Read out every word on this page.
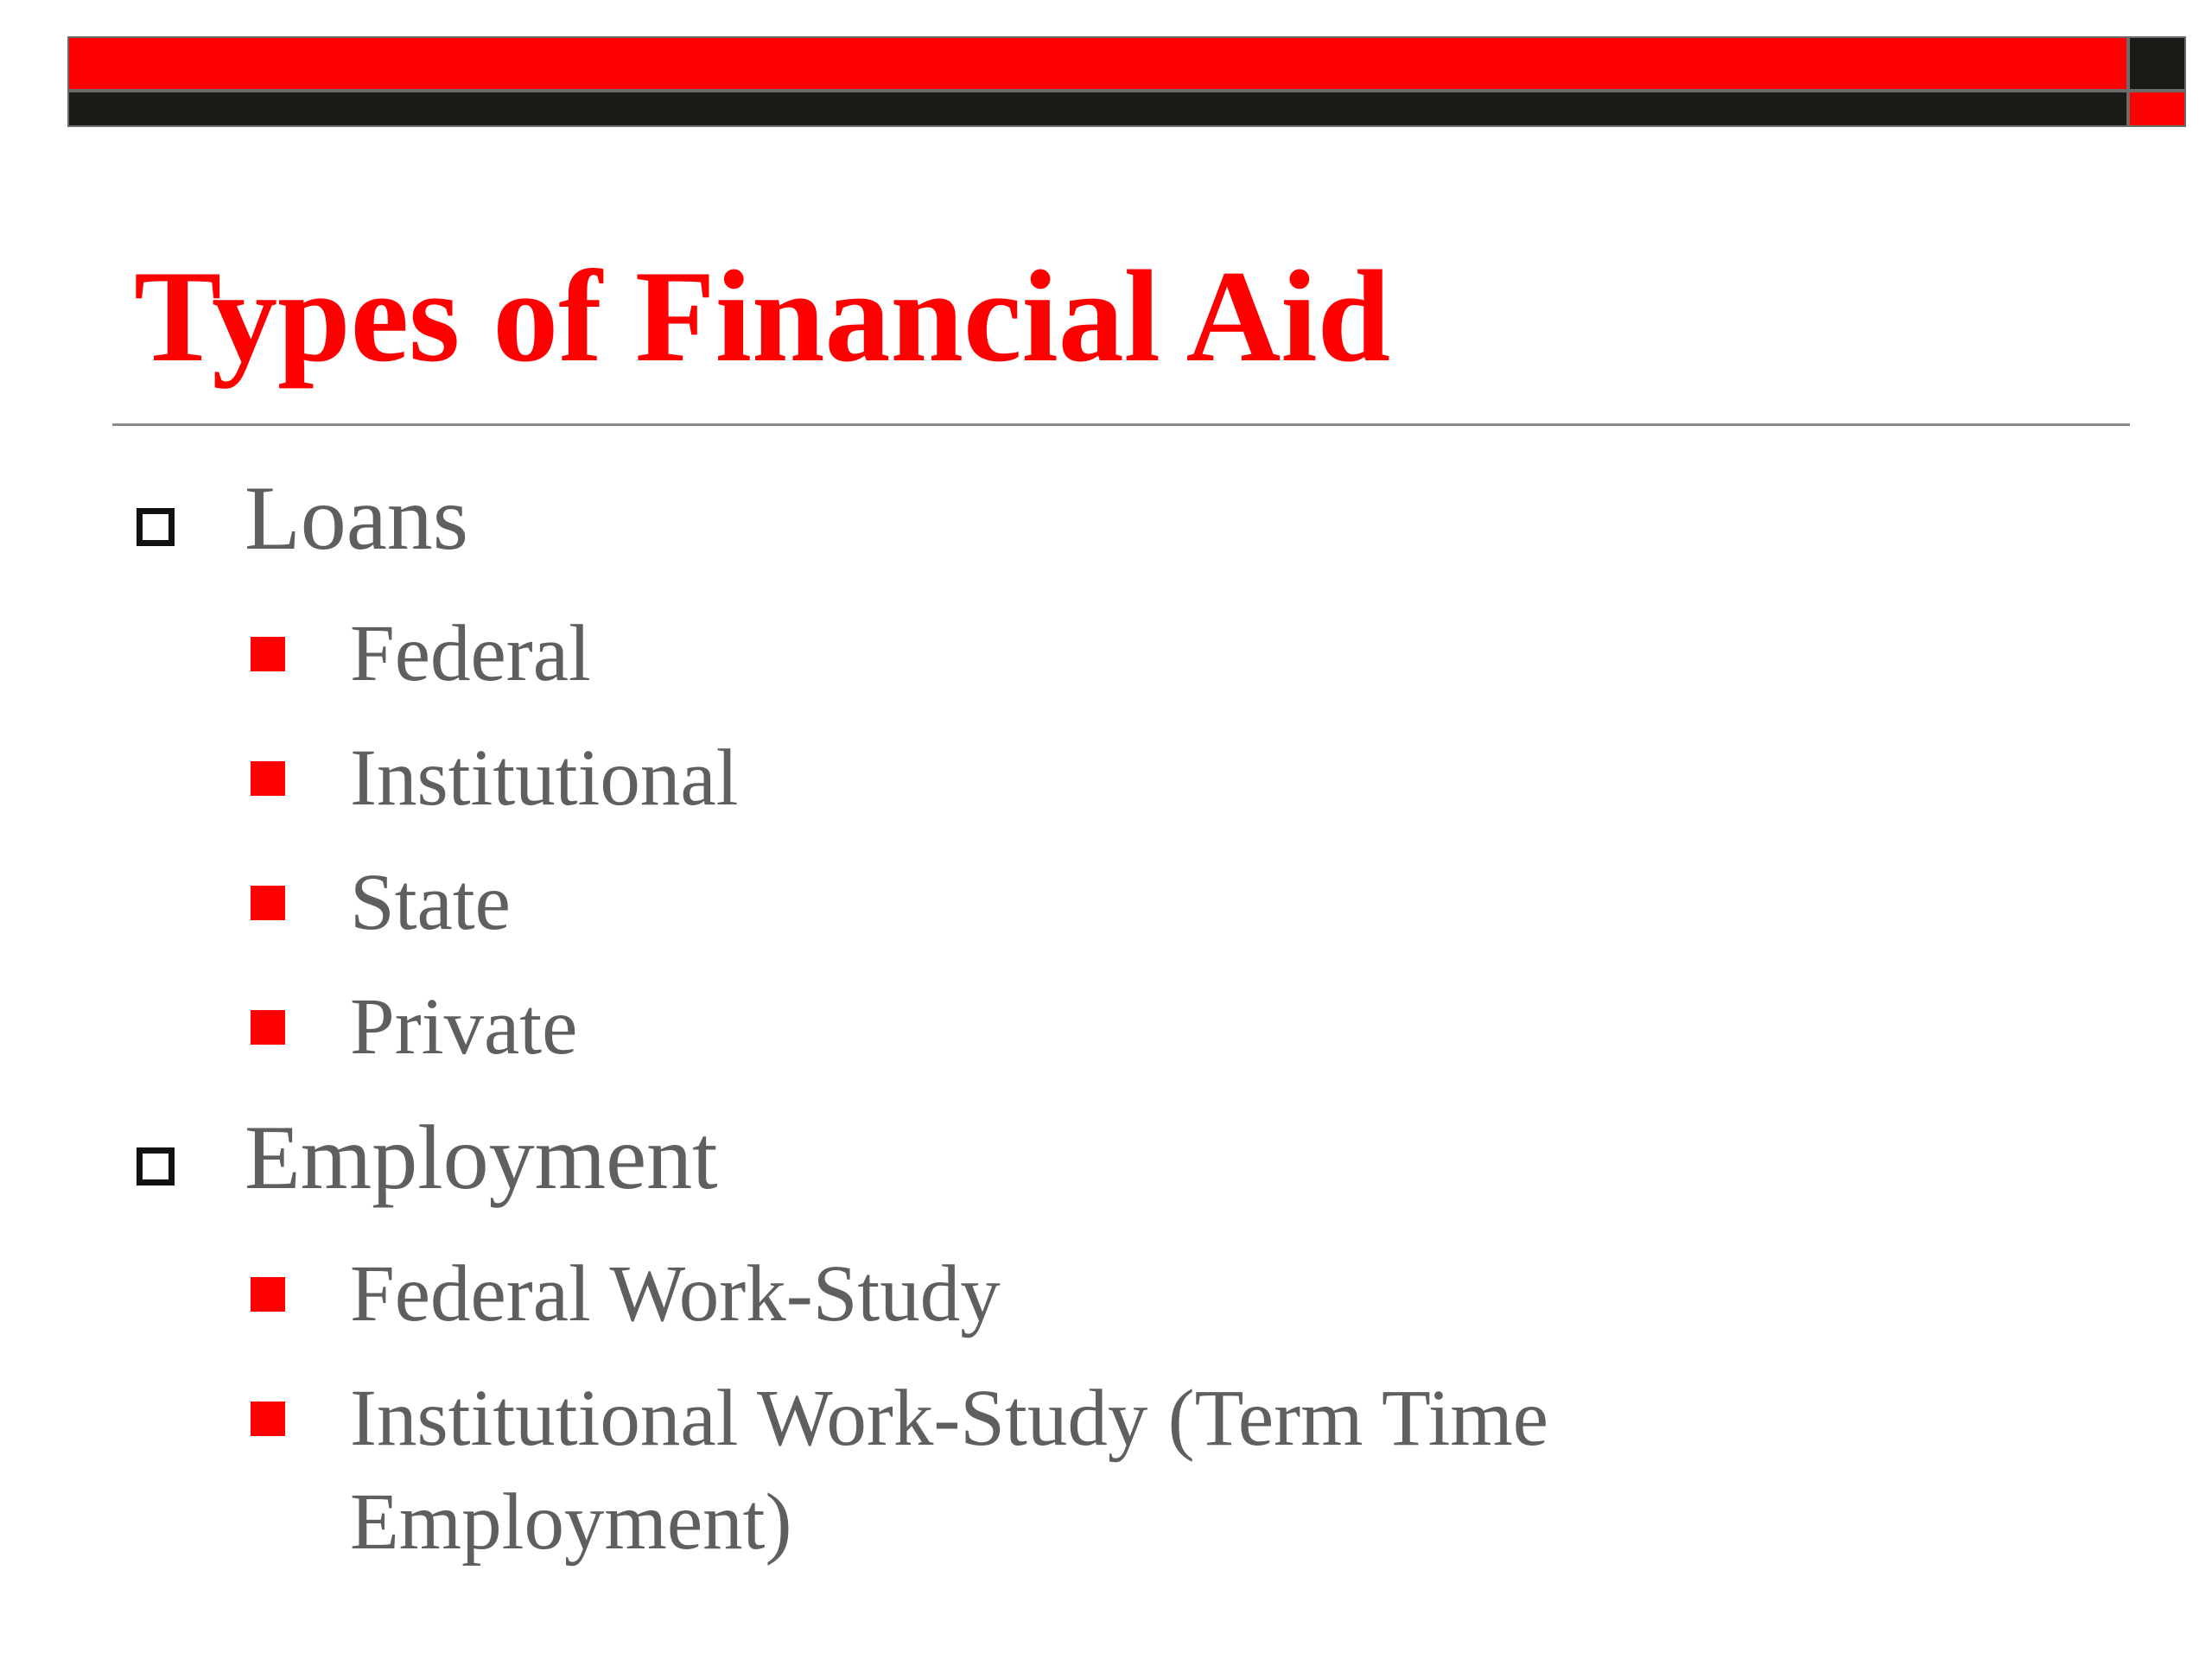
Types of Financial Aid
Loans
Federal
Institutional
State
Private
Employment
Federal Work-Study
Institutional Work-Study (Term Time Employment)
